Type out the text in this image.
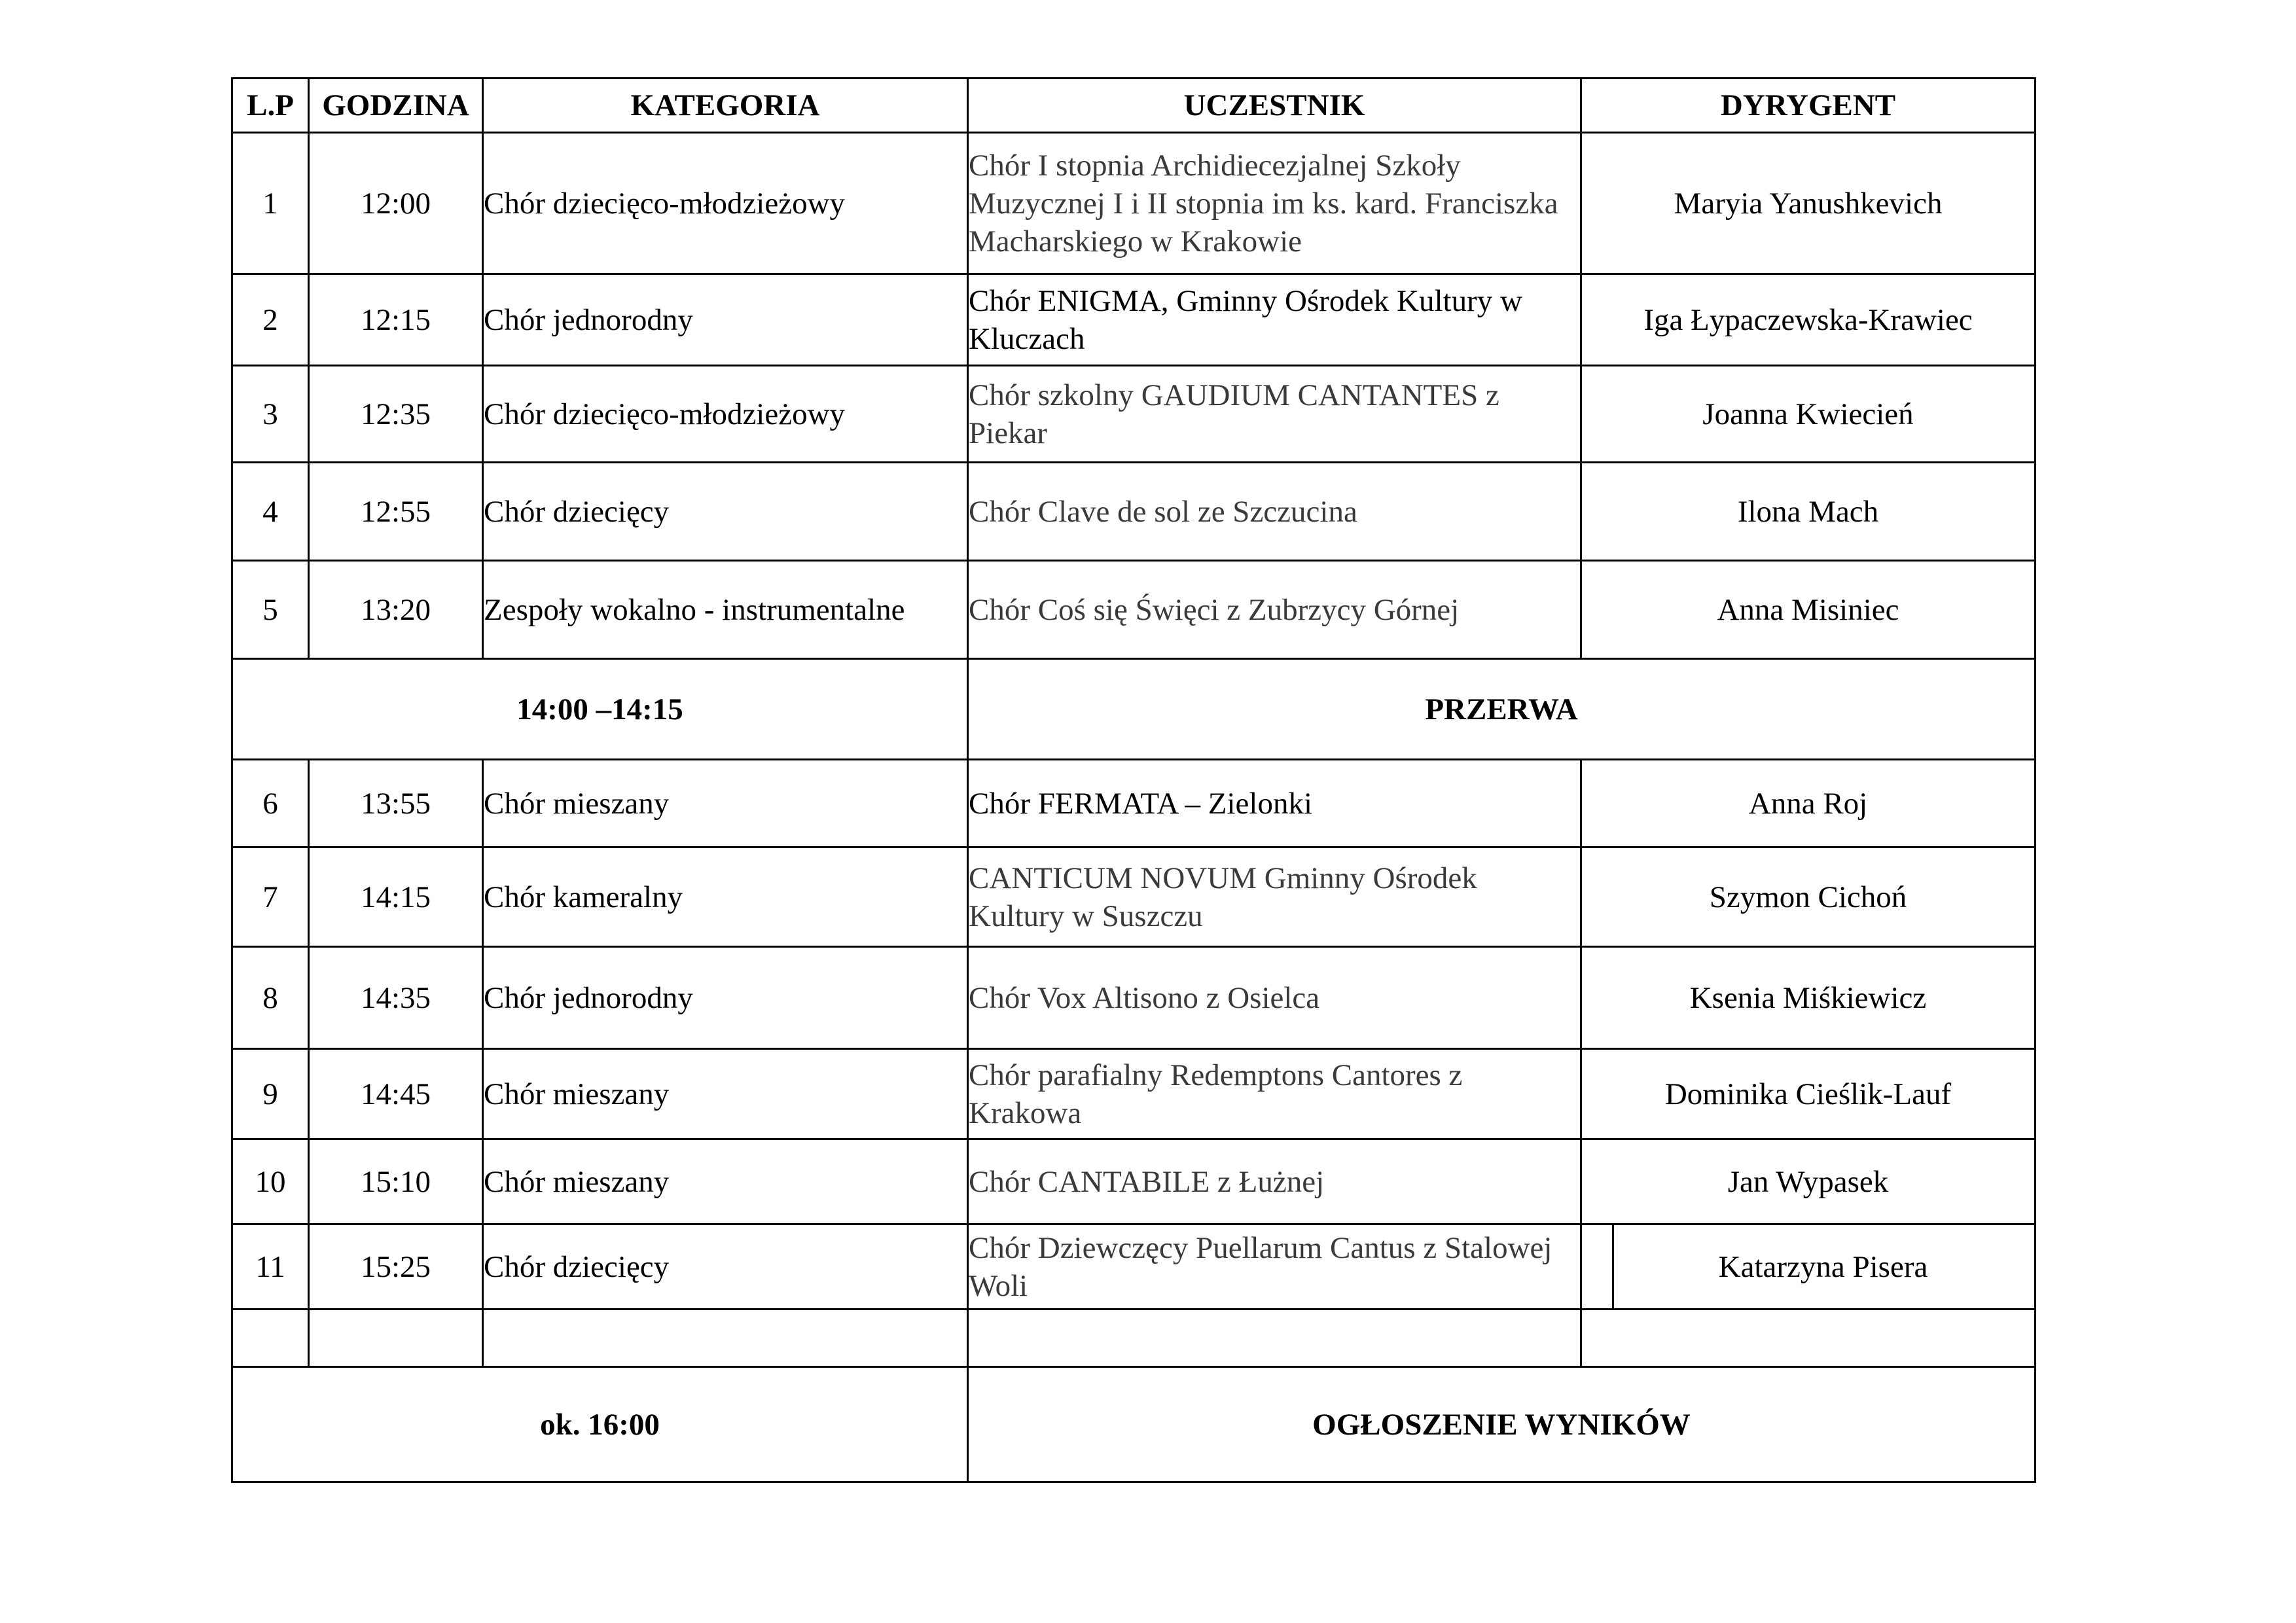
L.P	GODZINA	KATEGORIA	UCZESTNIK	DYRYGENT
1	12:00	Chór dziecięco-młodzieżowy	Chór I stopnia Archidiecezjalnej Szkoły Muzycznej I i II stopnia im ks. kard. Franciszka Macharskiego w Krakowie	Maryia Yanushkevich
2	12:15	Chór jednorodny	Chór ENIGMA, Gminny Ośrodek Kultury w Kluczach	Iga Łypaczewska-Krawiec
3	12:35	Chór dziecięco-młodzieżowy	Chór szkolny GAUDIUM CANTANTES z Piekar	Joanna Kwiecień
4	12:55	Chór dziecięcy	Chór Clave de sol ze Szczucina	Ilona Mach
5	13:20	Zespoły wokalno - instrumentalne	Chór Coś się Święci z Zubrzycy Górnej	Anna Misiniec
14:00 –14:15			PRZERWA	
6	13:55	Chór mieszany	Chór FERMATA – Zielonki	Anna Roj
7	14:15	Chór kameralny	CANTICUM NOVUM Gminny Ośrodek Kultury w Suszczu	Szymon Cichoń
8	14:35	Chór jednorodny	Chór Vox Altisono z Osielca	Ksenia Miśkiewicz
9	14:45	Chór mieszany	Chór parafialny Redemptons Cantores z Krakowa	Dominika Cieślik-Lauf
10	15:10	Chór mieszany	Chór CANTABILE z Łużnej	Jan Wypasek
11	15:25	Chór dziecięcy	Chór Dziewczęcy Puellarum Cantus z Stalowej Woli	Katarzyna Pisera

ok. 16:00			OGŁOSZENIE WYNIKÓW	
